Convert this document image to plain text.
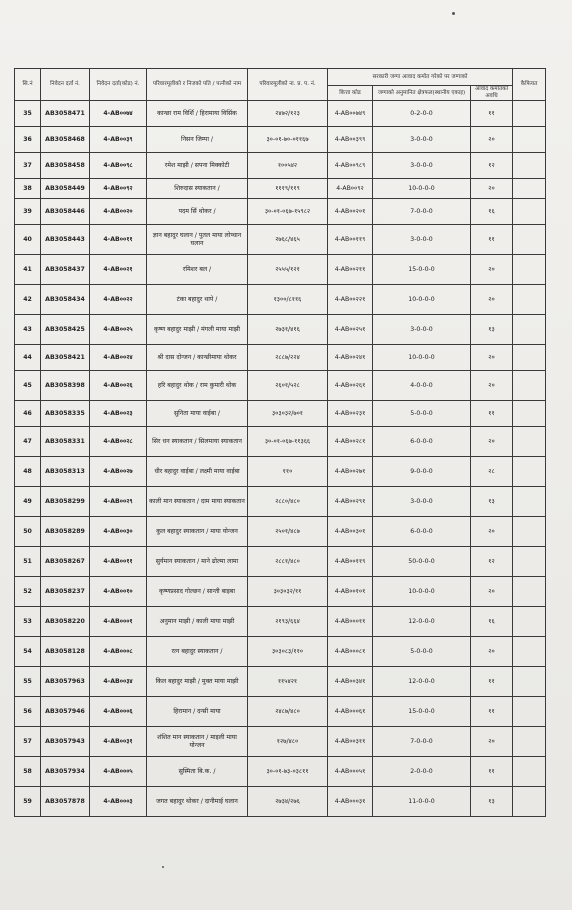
सि.नं	निवेदन दर्ता नं.	निवेदन दर्ता(कोड) नं.	परिवारमूलीको र निजको पति / पत्नीको नाम	परिवारमूलीको ना. प्र. प. नं.	सरकारी जग्गा आवाद कमोत गरेको पर जग्गाको			कैफियत
					कित्ता कोड	जग्गाको अनुमानित क्षेत्रफल(स्थानीय एकाइ)	आवाद कमोतको अवधि	
35	AB3058471	4-AB००७४	कान्छा राम विर्शि / हिरामाया विसिंक	२४७२/१२३	4-AB००७४९	0-2-0-0	११	
36	AB3058468	4-AB००३९	निसन जिम्पा /	३०-०१-७०-०११६७	4-AB००३९९	3-0-0-0	२०	
37	AB3058458	4-AB००९८	रमेश माझी / सपना मिक्कोटी	१००५४२	4-AB००९८९	3-0-0-0	१२	
38	AB3058449	4-AB००९२	शिरुदास स्याकतान /	१११९/११९	4-AB००९२	10-0-0-0	२०	
39	AB3058446	4-AB००२०	पदम सिंं थोकर /	३०-०१-०६७-१५९८२	4-AB००२०१	7-0-0-0	१६	
40	AB3058443	4-AB००११	ज्ञान बहादुर घलान / पुतल माया लोप्चान घलान	२७६८/४६५	4-AB००११९	3-0-0-0	११	
41	AB3058437	4-AB००२१	रमिशर बल /	२५५५/१२१	4-AB००२११	15-0-0-0	२०	
42	AB3058434	4-AB००२२	टंका बहादुर थापे /	१३००/८११६	4-AB००२२१	10-0-0-0	२०	
43	AB3058425	4-AB००२५	कृष्ण बहादुर माझी / मंगली माया माझी	२७३१/४१६	4-AB००२५१	3-0-0-0	१३	
44	AB3058421	4-AB००२४	श्री दास दोन्जन / कान्छीमाया थोकर	२८८७/२२४	4-AB००२४१	10-0-0-0	२०	
45	AB3058398	4-AB००२६	हरि बहादुर थोक / राम कुमारी थोक	२६०१/५२८	4-AB००२६१	4-0-0-0	२०	
46	AB3058335	4-AB००२३	सुनिता माया वाईबा /	३०३०३२/७०१	4-AB००२३१	5-0-0-0	११	
47	AB3058331	4-AB००२८	सिर धन स्याकतान / सिलमाया स्याकतान	३०-०१-०६७-११३६६	4-AB००२८१	6-0-0-0	२०	
48	AB3058313	4-AB००२७	धीर बहादुर वाईबा / लक्ष्मी माया वाईबा	११०	4-AB००२७१	9-0-0-0	२८	
49	AB3058299	4-AB००२९	काली मान स्याकतान / दाम माया स्याकतान	२८८०/४८०	4-AB००२९१	3-0-0-0	१३	
50	AB3058289	4-AB००३०	कुल बहादुर स्याकतान / माया योन्जन	२५०१/४८७	4-AB००३०१	6-0-0-0	२०	
51	AB3058267	4-AB००११	सुर्यमान स्याकतान / माने ढोल्मा लामा	२८८१/४८०	4-AB००११९	50-0-0-0	१२	
52	AB3058237	4-AB००१०	कृष्णप्रसाद गोल्छन / सान्ती बाइबा	३०३०३२/११	4-AB००१०१	10-0-0-0	२०	
53	AB3058220	4-AB०००१	अनुमान माझी / काली माया माझी	२१९३/६६४	4-AB०००११	12-0-0-0	१६	
54	AB3058128	4-AB०००८	रत्न बहादुर स्याकतान /	३०३०८३/११०	4-AB०००८१	5-0-0-0	२०	
55	AB3057963	4-AB००३४	किल बहादुर माझी / मुक्त माया माझी	११५४२१	4-AB००३४१	12-0-0-0	११	
56	AB3057946	4-AB०००६	हिरामान / दन्सी माया	२४८७/४८०	4-AB०००६१	15-0-0-0	११	
57	AB3057943	4-AB००३१	शंशित मान स्याकतान / माइली माया योन्जन	१२७/४८०	4-AB००३११	7-0-0-0	२०	
58	AB3057934	4-AB०००५	सुस्मिता बि.क. /	३०-०१-७३-०३८११	4-AB०००५१	2-0-0-0	११	
59	AB3057878	4-AB०००३	जगत बहादुर थोकर / दानीमाई घलान	२७३४/२७६	4-AB०००३१	11-0-0-0	१३	
